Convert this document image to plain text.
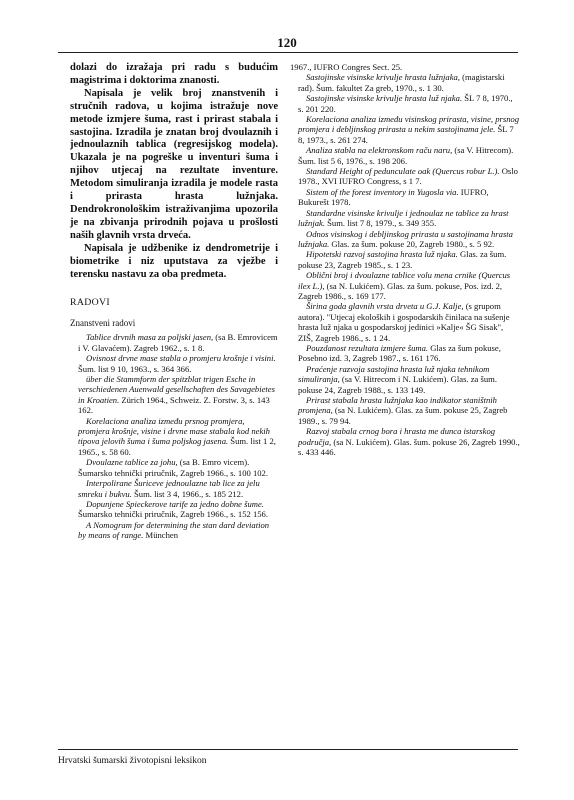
120

dolazi do izražaja pri radu s budućim magistrima i doktorima znanosti.

Napisala je velik broj znanstvenih i stručnih radova, u kojima istražuje nove metode izmjere šuma, rast i prirast stabala i sastojina. Izradila je znatan broj dvoulaznih i jednoulaznih tablica (regresijskog modela). Ukazala je na pogreške u inventuri šuma i njihov utjecaj na rezultate inventure. Metodom simuliranja izradila je modele rasta i prirasta hrasta lužnjaka. Dendrokronološkim istraživanjima upozorila je na zbivanja prirodnih pojava u prošlosti naših glavnih vrsta drveća.

Napisala je udžbenike iz dendrometrije i biometrike i niz uputstava za vježbe i terensku nastavu za oba predmeta.

RADOVI
Znanstveni radovi
Tablice drvnih masa za poljski jasen, (sa B. Emrovicem i V. Glavaćem). Zagreb 1962., s. 1 8.
Ovisnost drvne mase stabla o promjeru krošnje i visini. Šum. list 9 10, 1963., s. 364 366.
über die Stammform der spitzblat trigen Esche in verschiedenen Auenwald gesellschaften des Savagebietes in Kroatien. Zürich 1964., Schweiz. Z. Forstw. 3, s. 143 162.
Korelaciona analiza između prsnog promjera, promjera krošnje, visine i drvne mase stabala kod nekih tipova jelovih šuma i šuma poljskog jasena. Šum. list 1 2, 1965., s. 58 60.
Dvoulazne tablice za johu, (sa B. Emro vicem). Šumarsko tehnički priručnik, Zagreb 1966., s. 100 102.
Interpolirane Šuriceve jednoulazne tab lice za jelu smreku i bukvu. Šum. list 3 4, 1966., s. 185 212.
Dopunjene Spieckerove tarife za jedno dobne šume. Šumarsko tehnički priručnik, Zagreb 1966., s. 152 156.
A Nomogram for determining the stan dard deviation by means of range. München
1967., IUFRO Congres Sect. 25.
Sastojinske visinske krivulje hrasta lužnjaka, (magistarski rad). Šum. fakultet Za greb, 1970., s. 1 30.
Sastojinske visinske krivulje hrasta luž njaka. ŠL 7 8, 1970., s. 201 220.
Korelaciona analiza između visinskog prirasta, visine, prsnog promjera i debljinskog prirasta u nekim sastojinama jele. ŠL 7 8, 1973., s. 261 274.
Analiza stabla na elektronskom raču naru, (sa V. Hitrecom). Šum. list 5 6, 1976., s. 198 206.
Standard Height of pedunculate oak (Quercus robur L.). Oslo 1978., XVI IUFRO Congress, s 1 7.
Sistem of the forest inventory in Yugosla via. IUFRO, Bukurešt 1978.
Standardne visinske krivulje i jednoulaz ne tablice za hrast lužnjak. Šum. list 7 8, 1979., s. 349 355.
Odnos visinskog i debljinskog prirasta u sastojinama hrasta lužnjaka. Glas. za šum. pokuse 20, Zagreb 1980., s. 5 92.
Hipotetski razvoj sastojina hrasta luž njaka. Glas. za šum. pokuse 23, Zagreb 1985., s. 1 23.
Oblični broj i dvoulazne tablice volu mena crnike (Quercus ilex L.), (sa N. Lukićem). Glas. za šum. pokuse, Pos. izd. 2, Zagreb 1986., s. 169 177.
Širina goda glavnih vrsta drveta u G.J. Kalje, (s grupom autora). "Utjecaj ekoloških i gospodarskih činilaca na sušenje hrasta luž njaka u gospodarskoj jedinici »Kalje« ŠG Sisak", ZIŠ, Zagreb 1986., s. 1 24.
Pouzdanost rezultata izmjere šuma. Glas za šum pokuse, Posebno izd. 3, Zagreb 1987., s. 161 176.
Praćenje razvoja sastojina hrasta luž njaka tehnikom simuliranja, (sa V. Hitrecom i N. Lukićem). Glas. za šum. pokuse 24, Zagreb 1988., s. 133 149.
Prirast stabala hrasta lužnjaka kao indikator staništnih promjena, (sa N. Lukićem). Glas. za šum. pokuse 25, Zagreb 1989., s. 79 94.
Razvoj stabala crnog bora i hrasta me dunca istarskog područja, (sa N. Lukićem). Glas. šum. pokuse 26, Zagreb 1990., s. 433 446.
Hrvatski šumarski životopisni leksikon
